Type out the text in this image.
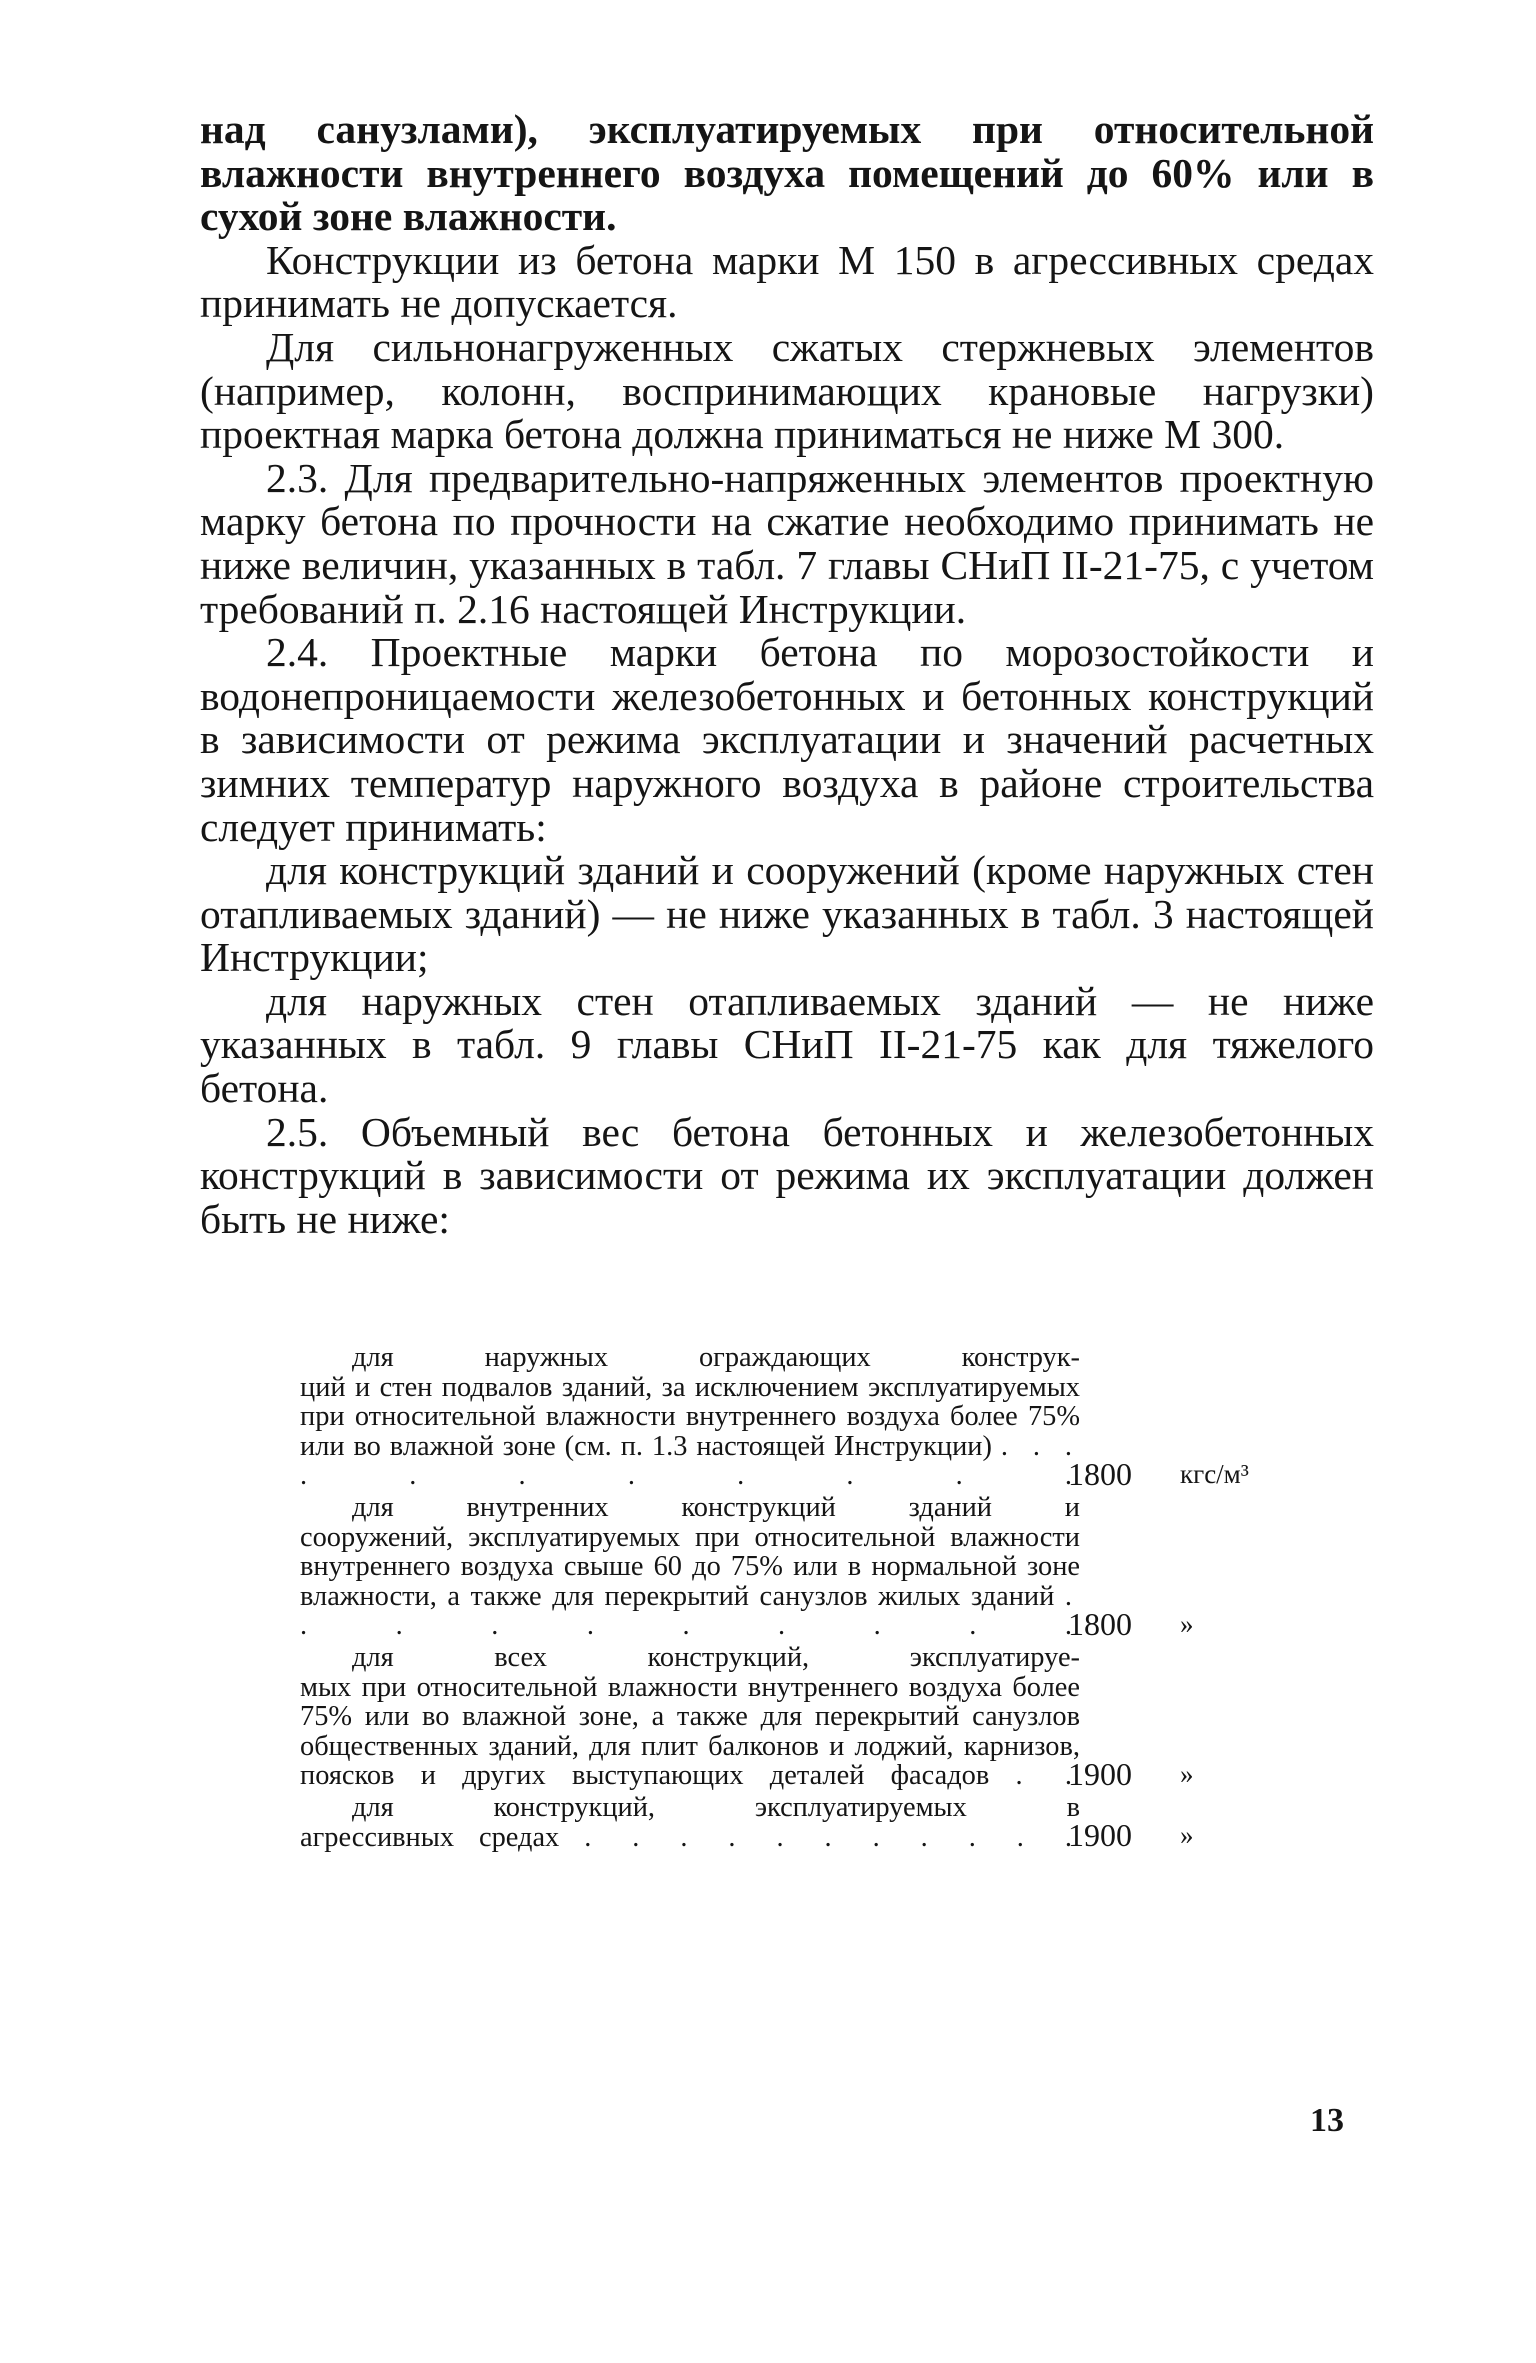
над санузлами), эксплуатируемых при относительной влажности внутреннего воздуха помещений до 60% или в сухой зоне влажности.

Конструкции из бетона марки М 150 в агрессивных средах принимать не допускается.

Для сильнонагруженных сжатых стержневых элементов (например, колонн, воспринимающих крановые нагрузки) проектная марка бетона должна приниматься не ниже М 300.

2.3. Для предварительно-напряженных элементов проектную марку бетона по прочности на сжатие необходимо принимать не ниже величин, указанных в табл. 7 главы СНиП II-21-75, с учетом требований п. 2.16 настоящей Инструкции.

2.4. Проектные марки бетона по морозостойкости и водонепроницаемости железобетонных и бетонных конструкций в зависимости от режима эксплуатации и значений расчетных зимних температур наружного воздуха в районе строительства следует принимать:

для конструкций зданий и сооружений (кроме наружных стен отапливаемых зданий) — не ниже указанных в табл. 3 настоящей Инструкции;

для наружных стен отапливаемых зданий — не ниже указанных в табл. 9 главы СНиП II-21-75 как для тяжелого бетона.

2.5. Объемный вес бетона бетонных и железобетонных конструкций в зависимости от режима их эксплуатации должен быть не ниже:

для наружных ограждающих конструк-
ций и стен подвалов зданий, за исключением эксплуатируемых при относительной влажности внутреннего воздуха более 75% или во влажной зоне (см. п. 1.3 настоящей Инструкции) . . . . . . . . . . .

1800 кгс/м³

для внутренних конструкций зданий и
сооружений, эксплуатируемых при относительной влажности внутреннего воздуха свыше 60 до 75% или в нормальной зоне влажности, а также для перекрытий санузлов жилых зданий . . . . . . . . . .

1800 »

для всех конструкций, эксплуатируе-
мых при относительной влажности внутреннего воздуха более 75% или во влажной зоне, а также для перекрытий санузлов общественных зданий, для плит балконов и лоджий, карнизов, поясков и других выступающих деталей фасадов . .

1900 »

для конструкций, эксплуатируемых в
агрессивных средах . . . . . . . . . . .

1900 »
13
